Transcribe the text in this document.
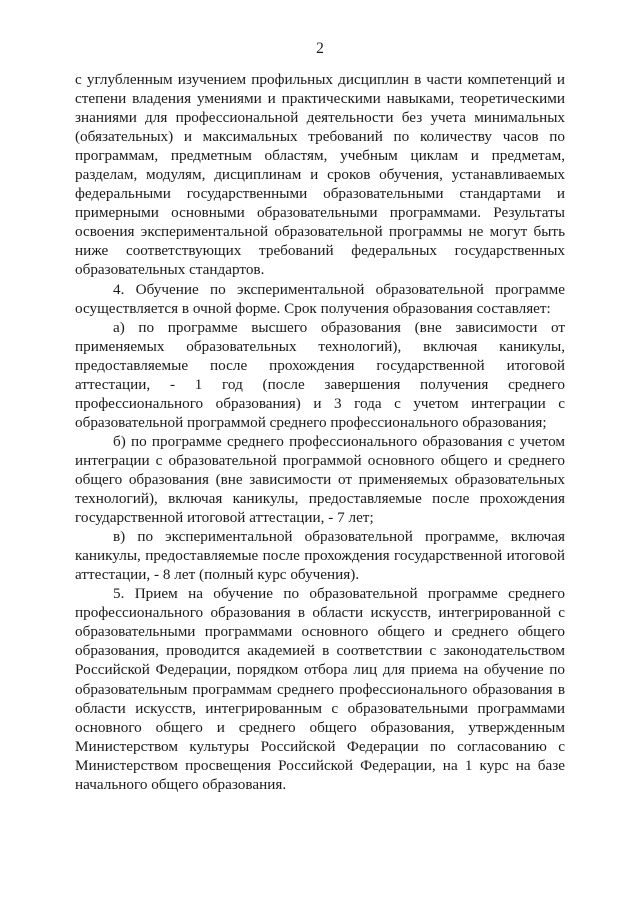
2

с углубленным изучением профильных дисциплин в части компетенций и степени владения умениями и практическими навыками, теоретическими знаниями для профессиональной деятельности без учета минимальных (обязательных) и максимальных требований по количеству часов по программам, предметным областям, учебным циклам и предметам, разделам, модулям, дисциплинам и сроков обучения, устанавливаемых федеральными государственными образовательными стандартами и примерными основными образовательными программами. Результаты освоения экспериментальной образовательной программы не могут быть ниже соответствующих требований федеральных государственных образовательных стандартов.

4. Обучение по экспериментальной образовательной программе осуществляется в очной форме. Срок получения образования составляет:

а) по программе высшего образования (вне зависимости от применяемых образовательных технологий), включая каникулы, предоставляемые после прохождения государственной итоговой аттестации, - 1 год (после завершения получения среднего профессионального образования) и 3 года с учетом интеграции с образовательной программой среднего профессионального образования;

б) по программе среднего профессионального образования с учетом интеграции с образовательной программой основного общего и среднего общего образования (вне зависимости от применяемых образовательных технологий), включая каникулы, предоставляемые после прохождения государственной итоговой аттестации, - 7 лет;

в) по экспериментальной образовательной программе, включая каникулы, предоставляемые после прохождения государственной итоговой аттестации, - 8 лет (полный курс обучения).

5. Прием на обучение по образовательной программе среднего профессионального образования в области искусств, интегрированной с образовательными программами основного общего и среднего общего образования, проводится академией в соответствии с законодательством Российской Федерации, порядком отбора лиц для приема на обучение по образовательным программам среднего профессионального образования в области искусств, интегрированным с образовательными программами основного общего и среднего общего образования, утвержденным Министерством культуры Российской Федерации по согласованию с Министерством просвещения Российской Федерации, на 1 курс на базе начального общего образования.
